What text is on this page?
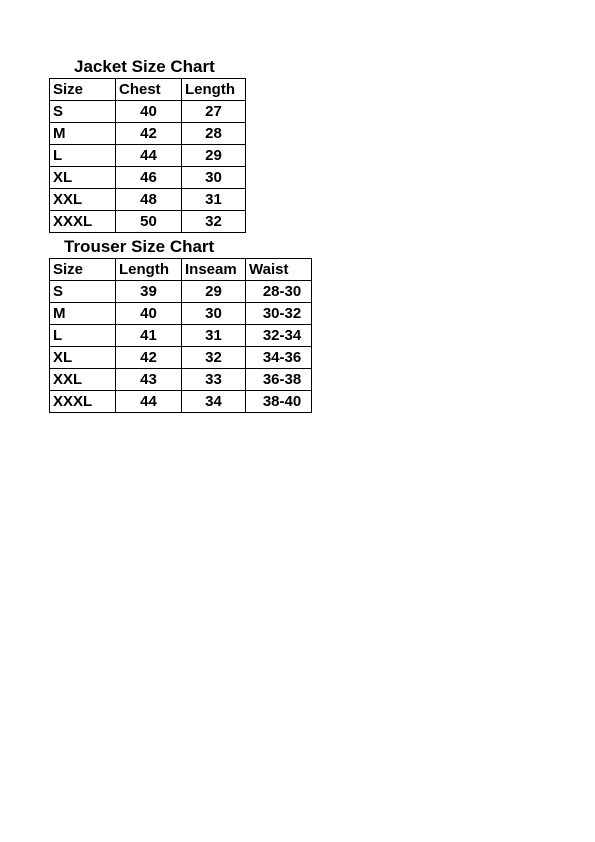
Jacket Size Chart
Size	Chest	Length
S	40	27
M	42	28
L	44	29
XL	46	30
XXL	48	31
XXXL	50	32
Trouser Size Chart
Size	Length	Inseam	Waist
S	39	29	28-30
M	40	30	30-32
L	41	31	32-34
XL	42	32	34-36
XXL	43	33	36-38
XXXL	44	34	38-40
